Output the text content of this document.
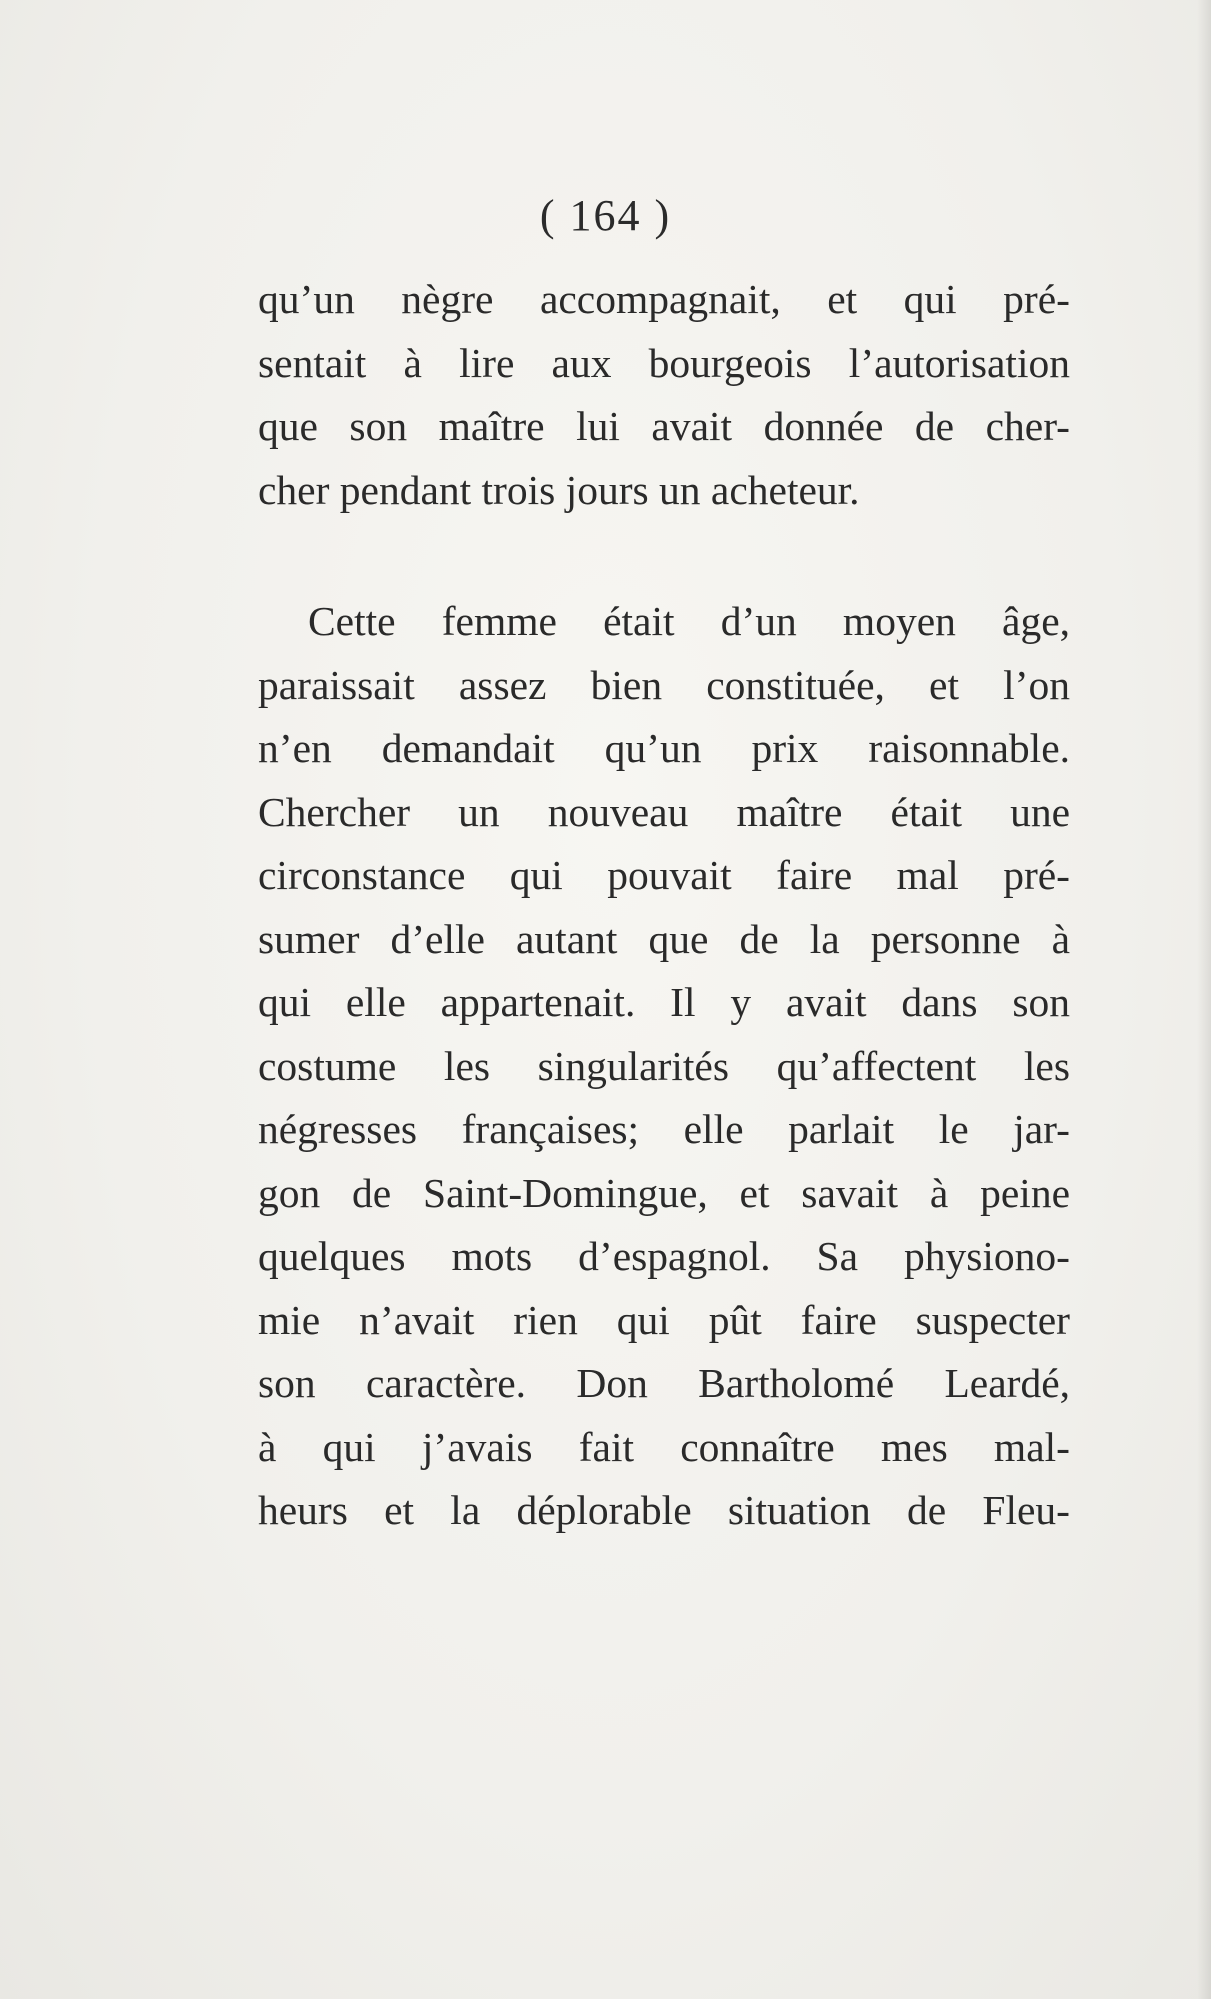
( 164 )
qu’un nègre accompagnait, et qui pré-
sentait à lire aux bourgeois l’autorisation
que son maître lui avait donnée de cher-
cher pendant trois jours un acheteur.
Cette femme était d’un moyen âge,
paraissait assez bien constituée, et l’on
n’en demandait qu’un prix raisonnable.
Chercher un nouveau maître était une
circonstance qui pouvait faire mal pré-
sumer d’elle autant que de la personne à
qui elle appartenait. Il y avait dans son
costume les singularités qu’affectent les
négresses françaises; elle parlait le jar-
gon de Saint-Domingue, et savait à peine
quelques mots d’espagnol. Sa physiono-
mie n’avait rien qui pût faire suspecter
son caractère. Don Bartholomé Leardé,
à qui j’avais fait connaître mes mal-
heurs et la déplorable situation de Fleu-
